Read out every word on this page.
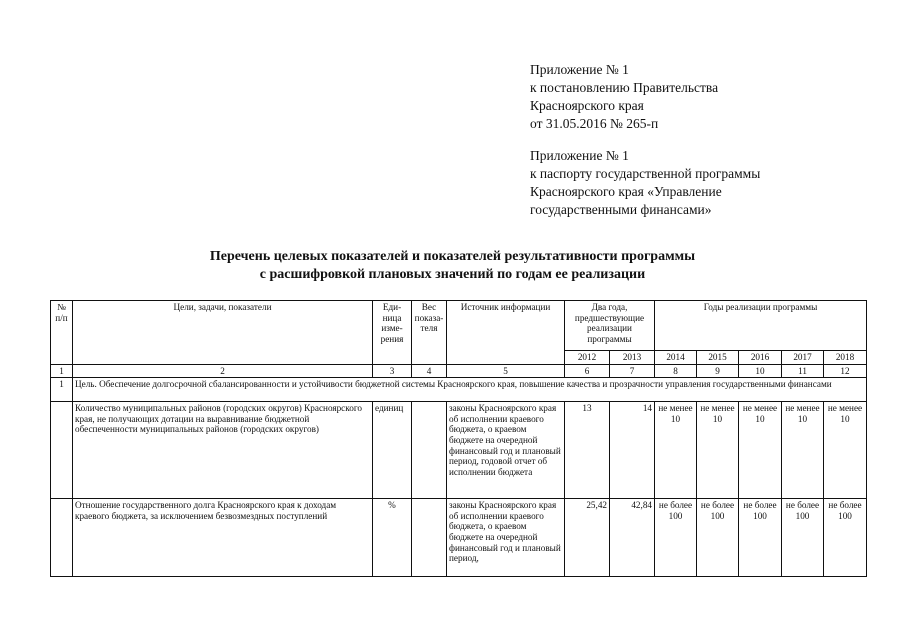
Приложение № 1
к постановлению Правительства
Красноярского края
от 31.05.2016 № 265-п
Приложение № 1
к паспорту государственной программы
Красноярского края «Управление
государственными финансами»
Перечень целевых показателей и показателей результативности программы
с расшифровкой плановых значений по годам ее реализации
№ п/п	Цели, задачи, показатели	Еди- ница изме- рения	Вес показа- теля	Источник информации	Два года, предшествующие реализации программы		Годы реализации программы				
					2012	2013	2014	2015	2016	2017	2018
1	2	3	4	5	6	7	8	9	10	11	12
1	Цель. Обеспечение долгосрочной сбалансированности и устойчивости бюджетной системы Красноярского края, повышение качества и прозрачности управления государственными финансами										
	Количество муниципальных районов (городских округов) Красноярского края, не получающих дотации на выравнивание бюджетной обеспеченности муниципальных районов (городских округов)	единиц		законы Красноярского края об исполнении краевого бюджета, о краевом бюджете на очередной финансовый год и плановый период, годовой отчет об исполнении бюджета	13	14	не менее 10	не менее 10	не менее 10	не менее 10	не менее 10
	Отношение государственного долга Красноярского края к доходам краевого бюджета, за исключением безвозмездных поступлений	%		законы Красноярского края об исполнении краевого бюджета, о краевом бюджете на очередной финансовый год и плановый период,	25,42	42,84	не более 100	не более 100	не более 100	не более 100	не более 100
